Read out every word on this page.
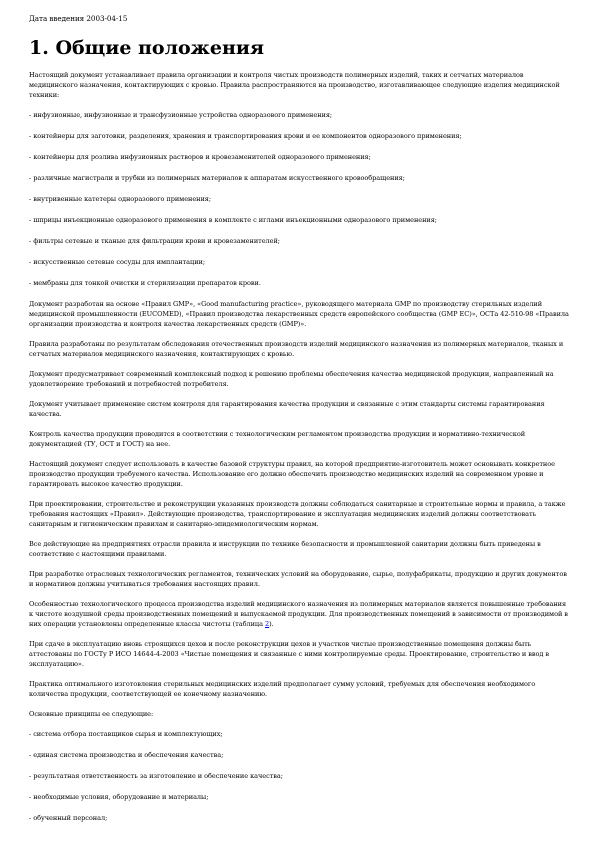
Дата введения 2003-04-15

1. Общие положения

Настоящий документ устанавливает правила организации и контроля чистых производств полимерных изделий, таких и сетчатых материалов медицинского назначения, контактирующих с кровью. Правила распространяются на производство, изготавливающее следующие изделия медицинской техники:

- инфузионные, инфузионные и трансфузионные устройства одноразового применения;

- контейнеры для заготовки, разделения, хранения и транспортирования крови и ее компонентов одноразового применения;

- контейнеры для розлива инфузионных растворов и кровезаменителей одноразового применения;

- различные магистрали и трубки из полимерных материалов к аппаратам искусственного кровообращения;

- внутривенные катетеры одноразового применения;

- шприцы инъекционные одноразового применения в комплекте с иглами инъекционными одноразового применения;

- фильтры сетевые и тканые для фильтрации крови и кровезаменителей;

- искусственные сетевые сосуды для имплантации;

- мембраны для тонкой очистки и стерилизации препаратов крови.

Документ разработан на основе «Правил GMP», «Good manufacturing practice», руководящего материала GMP по производству стерильных изделий медицинской промышленности (EUCOMED), «Правил производства лекарственных средств европейского сообщества (GMP EC)», ОСТа 42-510-98 «Правила организации производства и контроля качества лекарственных средств (GMP)».

Правила разработаны по результатам обследования отечественных производств изделий медицинского назначения из полимерных материалов, тканых и сетчатых материалов медицинского назначения, контактирующих с кровью.

Документ предусматривает современный комплексный подход к решению проблемы обеспечения качества медицинской продукции, направленный на удовлетворение требований и потребностей потребителя.

Документ учитывает применение систем контроля для гарантирования качества продукции и связанные с этим стандарты системы гарантирования качества.

Контроль качества продукции проводится в соответствии с технологическим регламентом производства продукции и нормативно-технической документацией (ТУ, ОСТ и ГОСТ) на нее.

Настоящий документ следует использовать в качестве базовой структуры правил, на которой предприятие-изготовитель может основывать конкретное производство продукции требуемого качества. Использование его должно обеспечить производство медицинских изделий на современном уровне и гарантировать высокое качество продукции.

При проектировании, строительстве и реконструкции указанных производств должны соблюдаться санитарные и строительные нормы и правила, а также требования настоящих «Правил». Действующие производства, транспортирование и эксплуатация медицинских изделий должны соответствовать санитарным и гигиеническим правилам и санитарно-эпидемиологическим нормам.

Все действующие на предприятиях отрасли правила и инструкции по технике безопасности и промышленной санитарии должны быть приведены в соответствие с настоящими правилами.

При разработке отраслевых технологических регламентов, технических условий на оборудование, сырье, полуфабрикаты, продукцию и других документов и нормативов должны учитываться требования настоящих правил.

Особенностью технологического процесса производства изделий медицинского назначения из полимерных материалов является повышенные требования к чистоте воздушной среды производственных помещений и выпускаемой продукции. Для производственных помещений в зависимости от производимой в них операции установлены определенные классы чистоты (таблица 2).

При сдаче в эксплуатацию вновь строящихся цехов и после реконструкции цехов и участков чистые производственные помещения должны быть аттестованы по ГОСТу Р ИСО 14644-4-2003 «Чистые помещения и связанные с ними контролируемые среды. Проектирование, строительство и ввод в эксплуатацию».

Практика оптимального изготовления стерильных медицинских изделий предполагает сумму условий, требуемых для обеспечения необходимого количества продукции, соответствующей ее конечному назначению.

Основные принципы ее следующие:

- система отбора поставщиков сырья и комплектующих;

- единая система производства и обеспечения качества;

- результатная ответственность за изготовление и обеспечение качества;

- необходимые условия, оборудование и материалы;

- обученный персонал;
